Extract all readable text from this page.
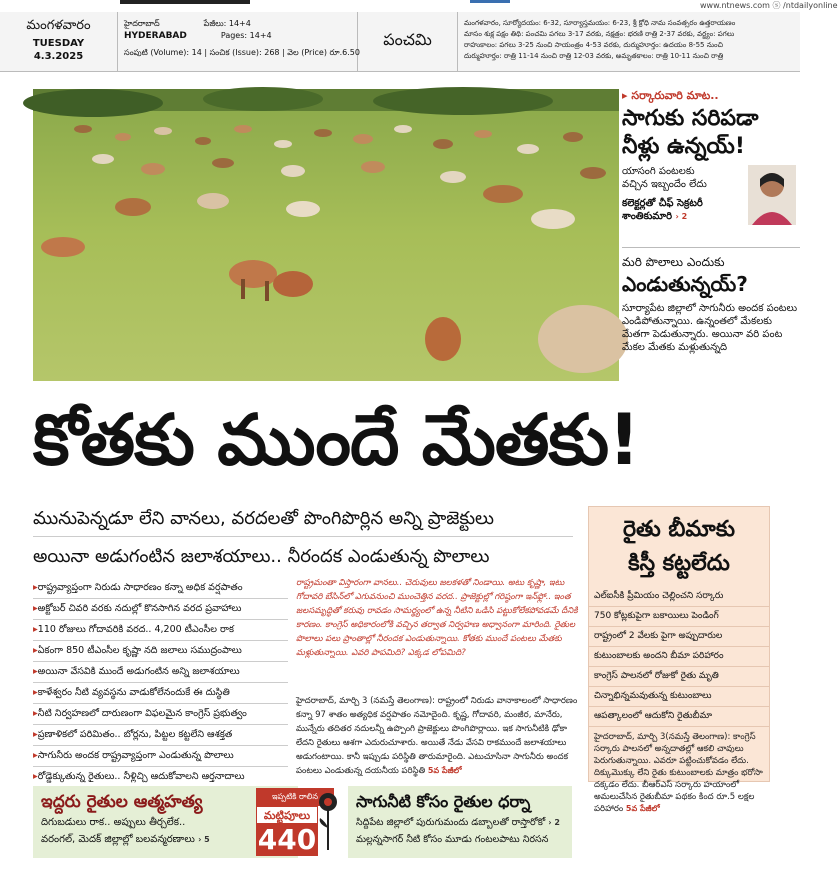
www.ntnews.com ⓢ /ntdailyonline
మంగళవారం
TUESDAY
4.3.2025
హైదరాబాద్	పేజీలు: 14+4
HYDERABAD	Pages: 14+4
సంపుటి (Volume): 14 | సంచిక (Issue): 268 | వెల (Price) రూ.6.50
పంచమి
మంగళవారం, సూర్యోదయం: 6-32, సూర్యాస్తమయం: 6-23, శ్రీ క్రోధి నామ సంవత్సరం ఉత్తరాయణం
మాసం శుక్ల పక్షం తిథి: పంచమి పగలు 3-17 వరకు, నక్షత్రం: భరణి రాత్రి 2-37 వరకు, వర్జ్యం: పగలు
రాహుకాలం: పగలు 3-25 నుంచి సాయంత్రం 4-53 వరకు, దుర్ముహూర్తం: ఉదయం 8-55 నుంచి
దుర్ముహూర్తం: రాత్రి 11-14 నుంచి రాత్రి 12-03 వరకు, అమృతకాలం: రాత్రి 10-11 నుంచి రాత్రి
▸ సర్కారువారి మాట..
సాగుకు సరిపడా
నీళ్లు ఉన్నయ్!
యాసంగి పంటలకు
వచ్చిన ఇబ్బందేం లేదు
కలెక్టర్లతో చీఫ్ సెక్రటరీ
శాంతికుమారి › 2
మరి పొలాలు ఎందుకు
ఎండుతున్నయ్?
సూర్యాపేట జిల్లాలో సాగునీరు అందక పంటలు ఎండిపోతున్నాయి. ఉన్నంతలో మేకలకు మేతగా పెడుతున్నారు. అయినా వరి పంట మేకల మేతకు మళ్లుతున్నది
కోతకు ముందే మేతకు!
మునుపెన్నడూ లేని వానలు, వరదలతో పొంగిపొర్లిన అన్ని ప్రాజెక్టులు
అయినా అడుగంటిన జలాశయాలు.. నీరందక ఎండుతున్న పొలాలు
▸ రాష్ట్రవ్యాప్తంగా నిరుడు సాధారణం కన్నా అధిక వర్షపాతం
▸ అక్టోబర్ చివరి వరకు నదుల్లో కొనసాగిన వరద ప్రవాహాలు
▸ 110 రోజులు గోదావరికి వరద.. 4,200 టీఎంసీల రాక
▸ ఏకంగా 850 టీఎంసీల కృష్ణా నది జలాలు సముద్రంపాలు
▸ అయినా వేసవికి ముందే అడుగంటిన అన్ని జలాశయాలు
▸ కాళేశ్వరం నీటి వ్యవస్థను వాడుకోలేనందుకే ఈ దుస్థితి
▸ నీటి నిర్వహణలో దారుణంగా విఫలమైన కాంగ్రెస్ ప్రభుత్వం
▸ ప్రణాళికలో పరిమితం.. బోర్లను, పిట్టల కట్టలేని ఆశక్తత
▸ సాగునీరు అందక రాష్ట్రవ్యాప్తంగా ఎండుతున్న పొలాలు
▸ రోడ్డెక్కుతున్న రైతులు.. నీళ్లిచ్చి ఆదుకోవాలని ఆర్తనాదాలు
రాష్ట్రమంతా విస్తారంగా వానలు.. చెరువులు జలకళతో నిండాయి. అటు కృష్ణా, ఇటు గోదావరి బేసిన్‌లో ఎగువనుంచి ముంచెత్తిన వరద.. ప్రాజెక్టుల్లో గరిష్ఠంగా ఇన్‌ఫ్లో.. ఇంత జలసమృద్ధితో కరువు రావడం సామర్థ్యంలో ఉన్న నీటిని ఒడిసి పట్టుకోలేకపోవడమే దీనికి కారణం. కాంగ్రెస్ అధికారంలోకి వచ్చిన తర్వాత నిర్వహణ అధ్వానంగా మారింది. రైతుల పొలాలు పలు ప్రాంతాల్లో నీరందక ఎండుతున్నాయి. కోతకు ముందే పంటలు మేతకు మళ్లుతున్నాయి. ఎవరి పాపమిది? ఎక్కడ లోపమిది?
హైదరాబాద్, మార్చి 3 (నమస్తే తెలంగాణ): రాష్ట్రంలో నిరుడు వానాకాలంలో సాధారణం కన్నా 97 శాతం అత్యధిక వర్షపాతం నమోదైంది. కృష్ణ, గోదావరి, మంజీర, మానేరు, మున్నేరు తదితర నదులన్నీ ఉప్పొంగి ప్రాజెక్టులు పొంగిపొర్లాయి. ఇక సాగునీటికి ఢోకా లేదని రైతులు ఆశగా ఎదురుచూశారు. అయితే నేడు వేసవి రాకముందే జలాశయాలు అడుగంటాయి. కానీ ఇప్పుడు పరిస్థితి తారుమారైంది. ఎటుచూసినా సాగునీరు అందక పంటలు ఎండుతున్న దయనీయ పరిస్థితి 5వ పేజీలో
రైతు బీమాకు
కిస్తీ కట్టలేదు
ఎల్ఐసీకి ప్రీమియం చెల్లించని సర్కారు
750 కోట్లకుపైగా బకాయిలు పెండింగ్
రాష్ట్రంలో 2 వేలకు పైగా అప్పుదారుల
కుటుంబాలకు అందని బీమా పరిహారం
కాంగ్రెస్ పాలనలో రోజుకో రైతు మృతి
చిన్నాభిన్నమవుతున్న కుటుంబాలు
ఆపత్కాలంలో ఆదుకోని రైతుబీమా
హైదరాబాద్, మార్చి 3(నమస్తే తెలంగాణ): కాంగ్రెస్ సర్కారు పాలనలో అన్నదాతల్లో ఆకలి చావులు పెరుగుతున్నాయి. ఎవరూ పట్టించుకోవడం లేదు. దిక్కుమొక్కు లేని రైతు కుటుంబాలకు మాత్రం భరోసా దక్కడం లేదు. బీఆర్ఎస్ సర్కారు హయాంలో అమలుచేసిన రైతుబీమా పథకం కింద రూ.5 లక్షల పరిహారం 5వ పేజీలో
ఇద్దరు రైతుల ఆత్మహత్య
దిగుబడులు రాక.. అప్పులు తీర్చలేక..
వరంగల్, మెదక్ జిల్లాల్లో బలవన్మరణాలు › 5
ఇప్పటికి రాలిన
మట్టిపూలు
440
సాగునీటి కోసం రైతుల ధర్నా
సిద్దిపేట జిల్లాలో పురుగుమందు డబ్బాలతో రాస్తారోకో › 2
మల్లన్నసాగర్ నీటి కోసం మూడు గంటలపాటు నిరసన
